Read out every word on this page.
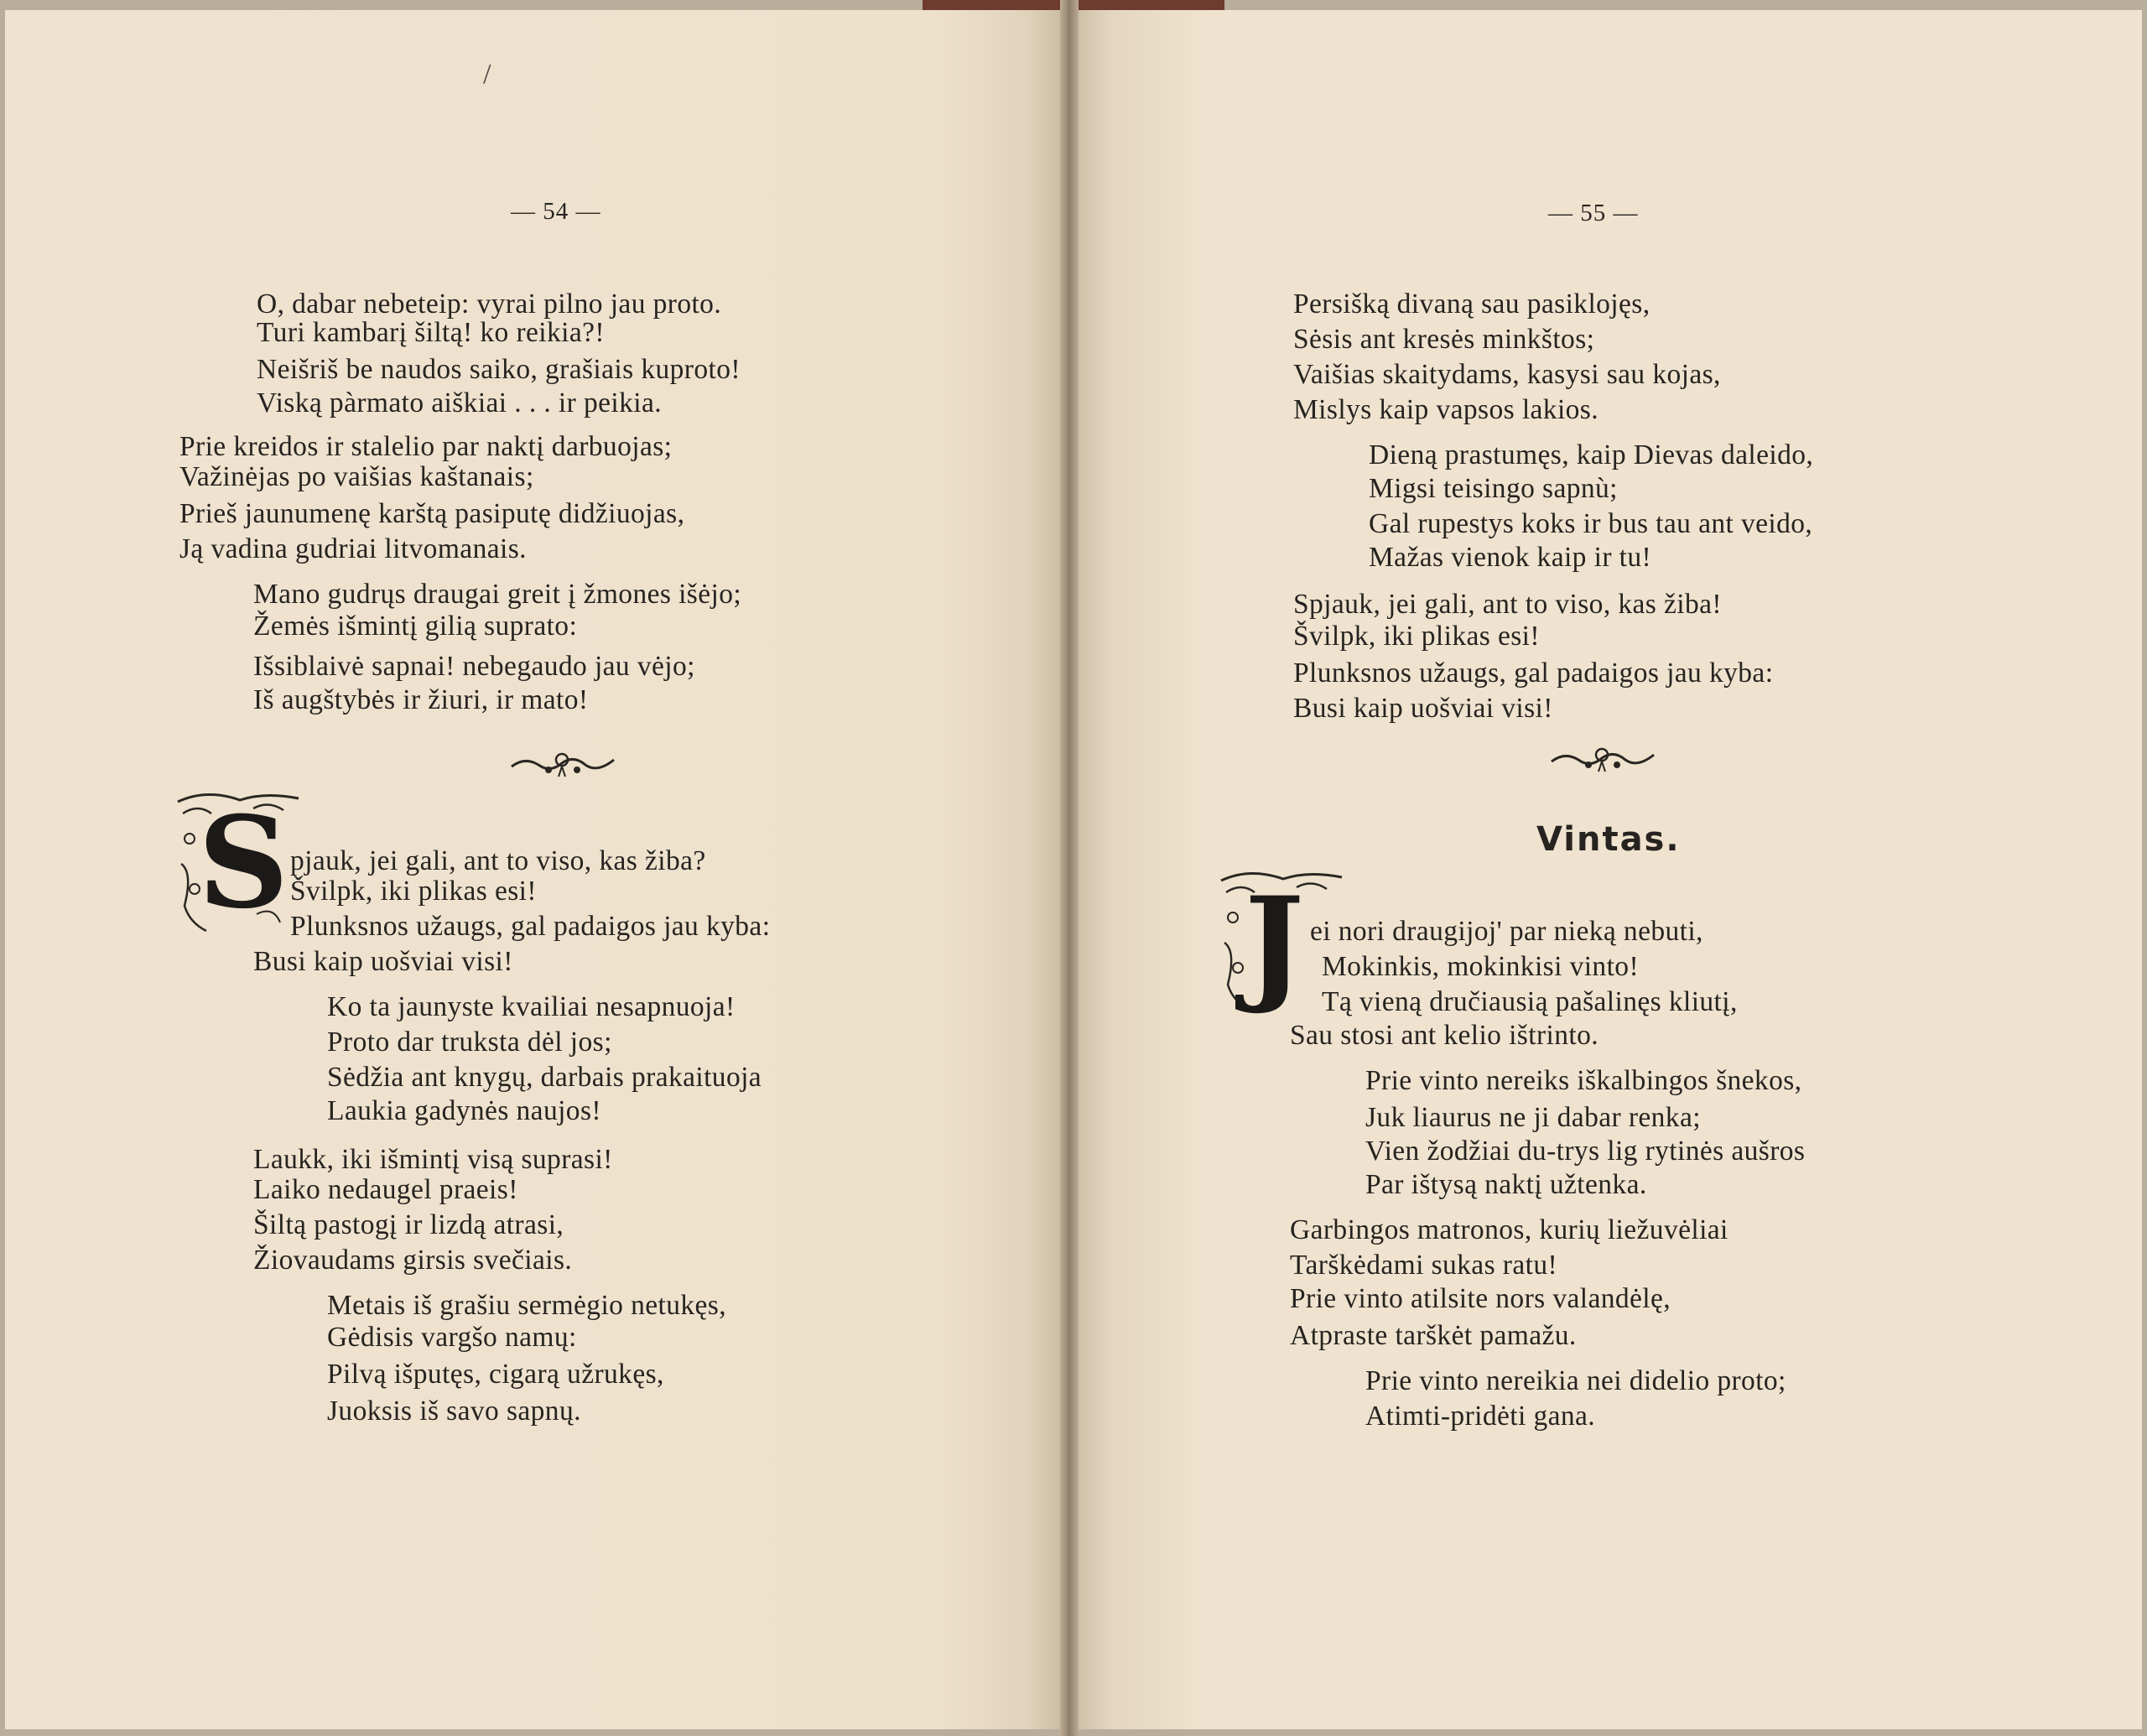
/
— 54 —
O, dabar nebeteip: vyrai pilno jau proto.
Turi kambarį šiltą! ko reikia?!
Neišriš be naudos saiko, grašiais kuproto!
Viską pàrmato aiškiai . . . ir peikia.
Prie kreidos ir stalelio par naktį darbuojas;
Važinėjas po vaišias kaštanais;
Prieš jaunumenę karštą pasiputę didžiuojas,
Ją vadina gudriai litvomanais.
Mano gudrųs draugai greit į žmones išėjo;
Žemės išmintį gilią suprato:
Išsiblaivė sapnai! nebegaudo jau vėjo;
Iš augštybės ir žiuri, ir mato!
S pjauk, jei gali, ant to viso, kas žiba?
Švilpk, iki plikas esi!
Plunksnos užaugs, gal padaigos jau kyba:
Busi kaip uošviai visi!
Ko ta jaunyste kvailiai nesapnuoja!
Proto dar truksta dėl jos;
Sėdžia ant knygų, darbais prakaituoja
Laukia gadynės naujos!
Laukk, iki išmintį visą suprasi!
Laiko nedaugel praeis!
Šiltą pastogį ir lizdą atrasi,
Žiovaudams girsis svečiais.
Metais iš grašiu sermėgio netukęs,
Gėdisis vargšo namų:
Pilvą išputęs, cigarą užrukęs,
Juoksis iš savo sapnų.
— 55 —
Persišką divaną sau pasiklojęs,
Sėsis ant kresės minkštos;
Vaišias skaitydams, kasysi sau kojas,
Mislys kaip vapsos lakios.
Dieną prastumęs, kaip Dievas daleido,
Migsi teisingo sapnù;
Gal rupestys koks ir bus tau ant veido,
Mažas vienok kaip ir tu!
Spjauk, jei gali, ant to viso, kas žiba!
Švilpk, iki plikas esi!
Plunksnos užaugs, gal padaigos jau kyba:
Busi kaip uošviai visi!
Vintas.
J ei nori draugijoj' par nieką nebuti,
Mokinkis, mokinkisi vinto!
Tą vieną dručiausią pašalinęs kliutį,
Sau stosi ant kelio ištrinto.
Prie vinto nereiks iškalbingos šnekos,
Juk liaurus ne ji dabar renka;
Vien žodžiai du-trys lig rytinės aušros
Par ištysą naktį užtenka.
Garbingos matronos, kurių liežuvėliai
Tarškėdami sukas ratu!
Prie vinto atilsite nors valandėlę,
Atpraste tarškėt pamažu.
Prie vinto nereikia nei didelio proto;
Atimti-pridėti gana.
